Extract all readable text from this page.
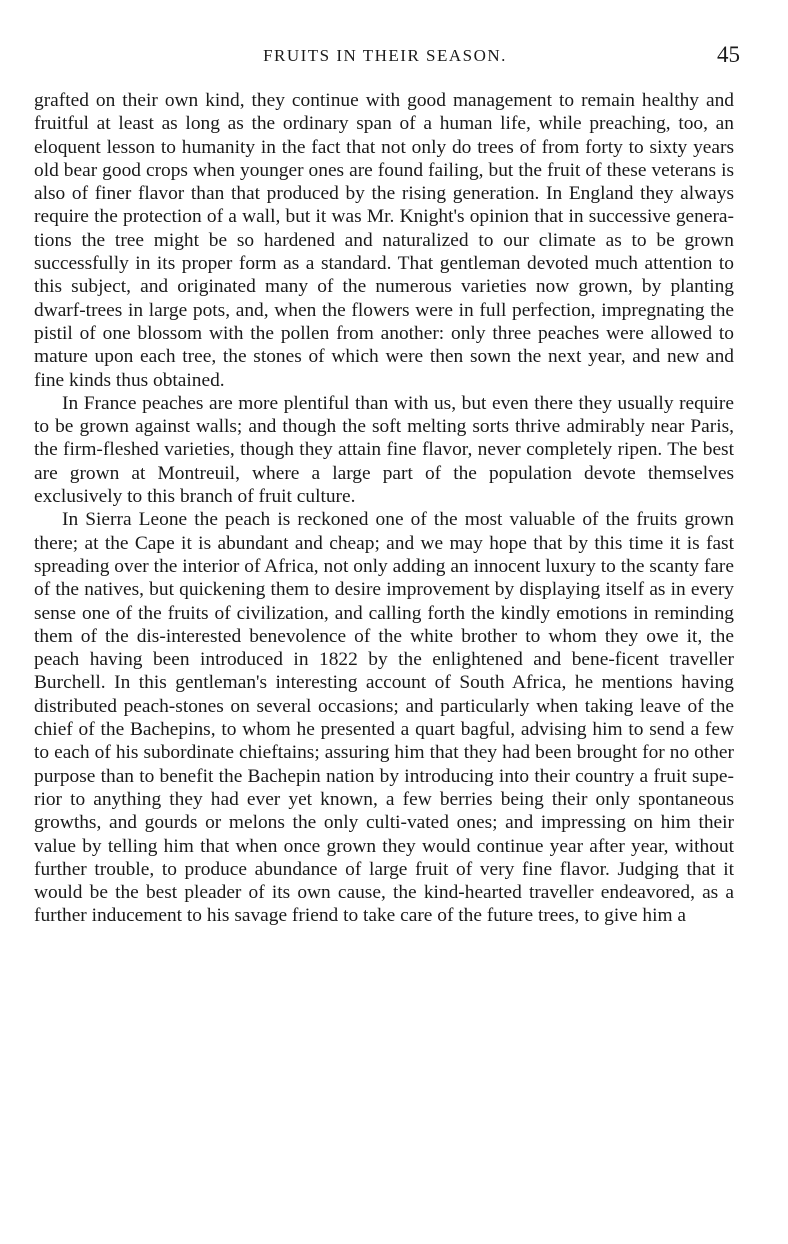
FRUITS IN THEIR SEASON.	45

grafted on their own kind, they continue with good management to remain healthy and fruitful at least as long as the ordinary span of a human life, while preaching, too, an eloquent lesson to humanity in the fact that not only do trees of from forty to sixty years old bear good crops when younger ones are found failing, but the fruit of these veterans is also of finer flavor than that produced by the rising generation. In England they always require the protection of a wall, but it was Mr. Knight's opinion that in successive genera-tions the tree might be so hardened and naturalized to our climate as to be grown successfully in its proper form as a standard. That gentleman devoted much attention to this subject, and originated many of the numerous varieties now grown, by planting dwarf-trees in large pots, and, when the flowers were in full perfection, impregnating the pistil of one blossom with the pollen from another: only three peaches were allowed to mature upon each tree, the stones of which were then sown the next year, and new and fine kinds thus obtained.

In France peaches are more plentiful than with us, but even there they usually require to be grown against walls; and though the soft melting sorts thrive admirably near Paris, the firm-fleshed varieties, though they attain fine flavor, never completely ripen. The best are grown at Montreuil, where a large part of the population devote themselves exclusively to this branch of fruit culture.

In Sierra Leone the peach is reckoned one of the most valuable of the fruits grown there; at the Cape it is abundant and cheap; and we may hope that by this time it is fast spreading over the interior of Africa, not only adding an innocent luxury to the scanty fare of the natives, but quickening them to desire improvement by displaying itself as in every sense one of the fruits of civilization, and calling forth the kindly emotions in reminding them of the dis-interested benevolence of the white brother to whom they owe it, the peach having been introduced in 1822 by the enlightened and bene-ficent traveller Burchell. In this gentleman's interesting account of South Africa, he mentions having distributed peach-stones on several occasions; and particularly when taking leave of the chief of the Bachepins, to whom he presented a quart bagful, advising him to send a few to each of his subordinate chieftains; assuring him that they had been brought for no other purpose than to benefit the Bachepin nation by introducing into their country a fruit supe-rior to anything they had ever yet known, a few berries being their only spontaneous growths, and gourds or melons the only culti-vated ones; and impressing on him their value by telling him that when once grown they would continue year after year, without further trouble, to produce abundance of large fruit of very fine flavor. Judging that it would be the best pleader of its own cause, the kind-hearted traveller endeavored, as a further inducement to his savage friend to take care of the future trees, to give him a
